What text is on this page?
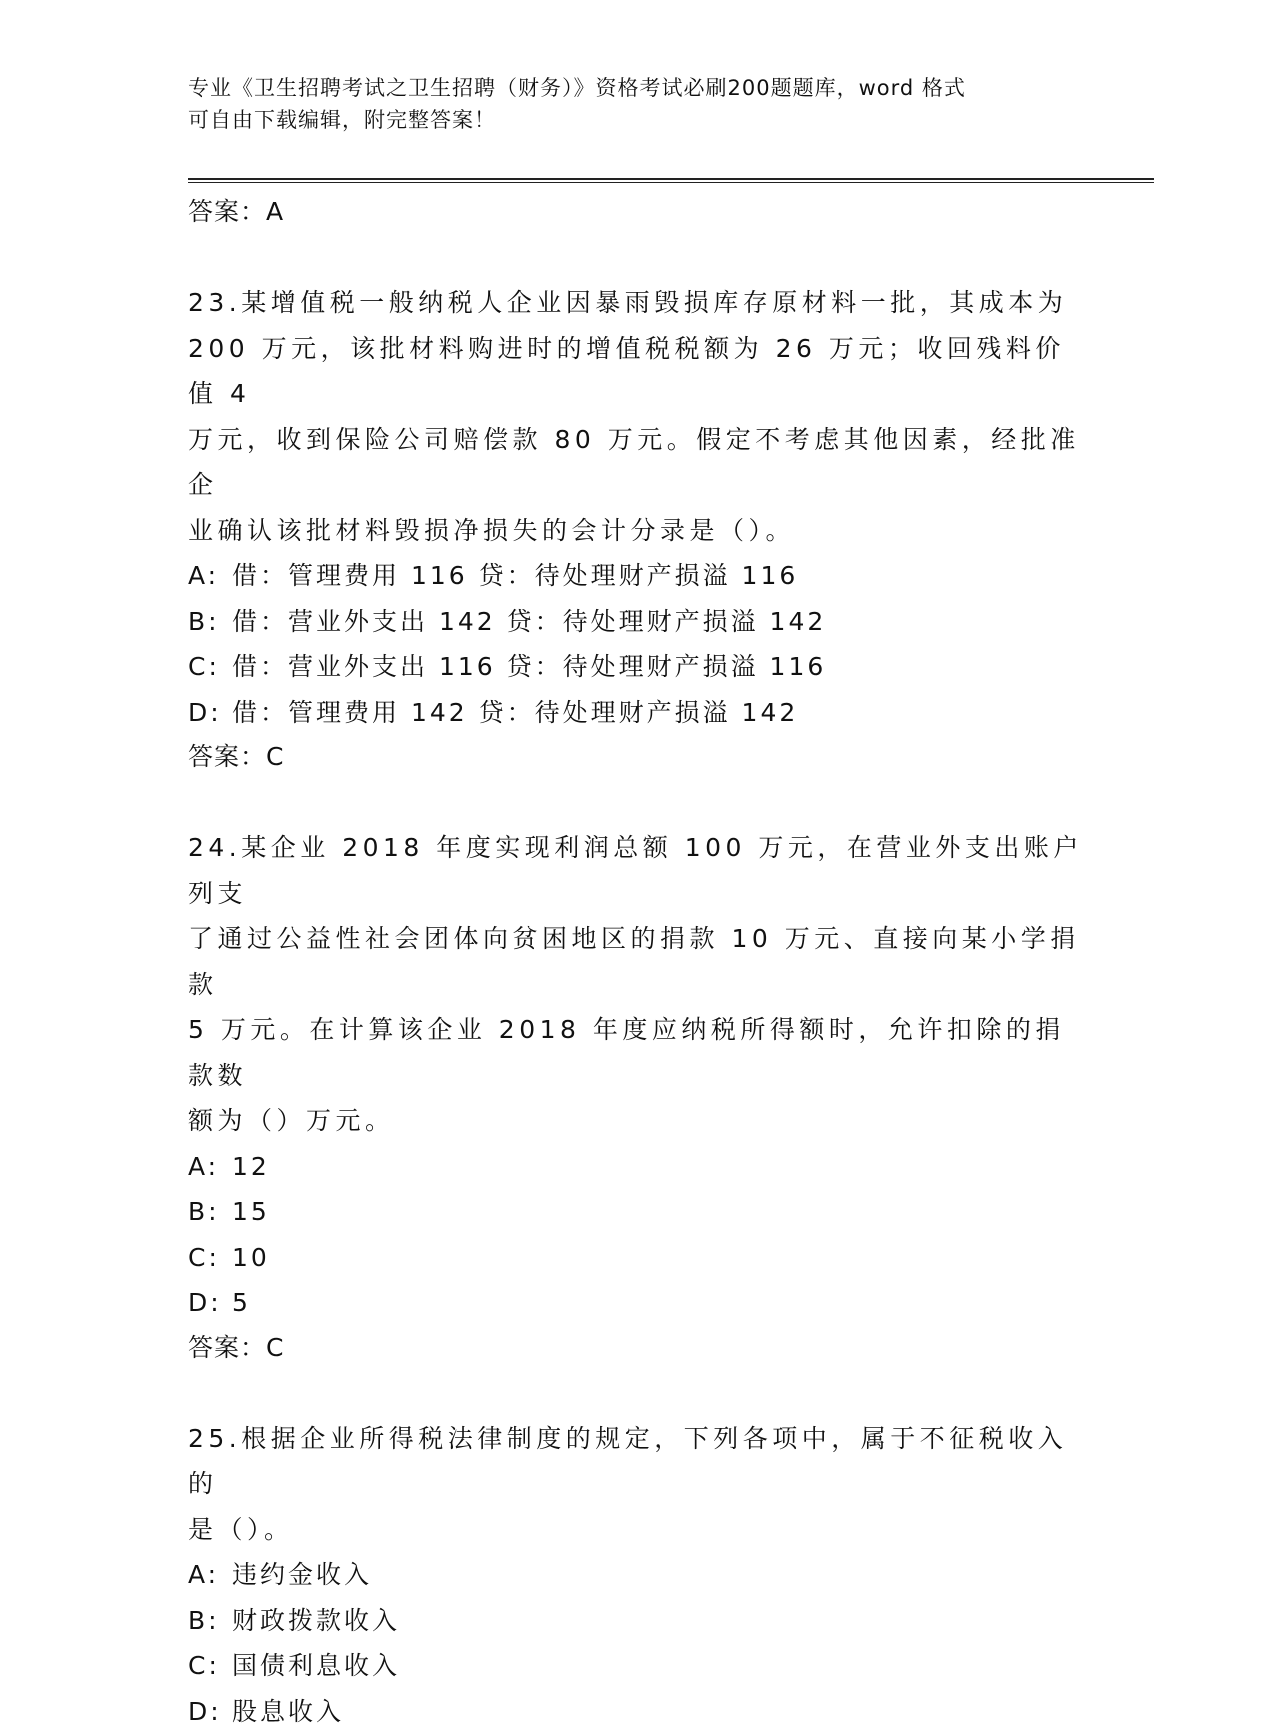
专业《卫生招聘考试之卫生招聘（财务）》资格考试必刷200题题库，word 格式
可自由下载编辑，附完整答案！
答案：A
23.某增值税一般纳税人企业因暴雨毁损库存原材料一批，其成本为
200 万元，该批材料购进时的增值税税额为 26 万元；收回残料价值 4
万元，收到保险公司赔偿款 80 万元。假定不考虑其他因素，经批准企
业确认该批材料毁损净损失的会计分录是（）。
A: 借：管理费用 116 贷：待处理财产损溢 116
B: 借：营业外支出 142 贷：待处理财产损溢 142
C: 借：营业外支出 116 贷：待处理财产损溢 116
D: 借：管理费用 142 贷：待处理财产损溢 142
答案：C
24.某企业 2018 年度实现利润总额 100 万元，在营业外支出账户列支
了通过公益性社会团体向贫困地区的捐款 10 万元、直接向某小学捐款
5 万元。在计算该企业 2018 年度应纳税所得额时，允许扣除的捐款数
额为（）万元。
A: 12
B: 15
C: 10
D: 5
答案：C
25.根据企业所得税法律制度的规定，下列各项中，属于不征税收入的
是（）。
A: 违约金收入
B: 财政拨款收入
C: 国债利息收入
D: 股息收入
